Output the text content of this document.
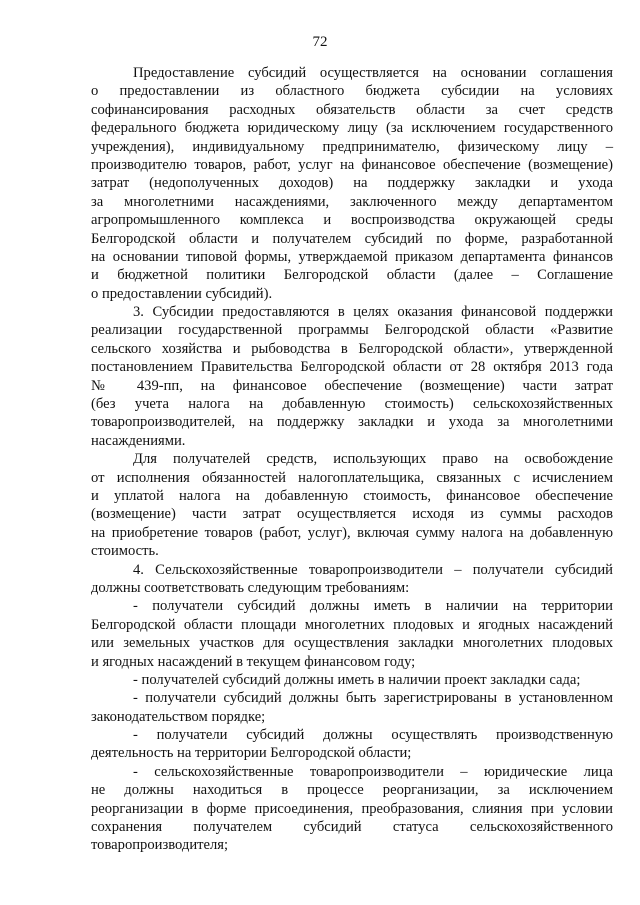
72
Предоставление субсидий осуществляется на основании соглашения
о предоставлении из областного бюджета субсидии на условиях
софинансирования расходных обязательств области за счет средств
федерального бюджета юридическому лицу (за исключением государственного
учреждения), индивидуальному предпринимателю, физическому лицу –
производителю товаров, работ, услуг на финансовое обеспечение (возмещение)
затрат (недополученных доходов) на поддержку закладки и ухода
за многолетними насаждениями, заключенного между департаментом
агропромышленного комплекса и воспроизводства окружающей среды
Белгородской области и получателем субсидий по форме, разработанной
на основании типовой формы, утверждаемой приказом департамента финансов
и бюджетной политики Белгородской области (далее – Соглашение
о предоставлении субсидий).
3. Субсидии предоставляются в целях оказания финансовой поддержки
реализации государственной программы Белгородской области «Развитие
сельского хозяйства и рыбоводства в Белгородской области», утвержденной
постановлением Правительства Белгородской области от 28 октября 2013 года
№ 439-пп, на финансовое обеспечение (возмещение) части затрат
(без учета налога на добавленную стоимость) сельскохозяйственных
товаропроизводителей, на поддержку закладки и ухода за многолетними
насаждениями.
Для получателей средств, использующих право на освобождение
от исполнения обязанностей налогоплательщика, связанных с исчислением
и уплатой налога на добавленную стоимость, финансовое обеспечение
(возмещение) части затрат осуществляется исходя из суммы расходов
на приобретение товаров (работ, услуг), включая сумму налога на добавленную
стоимость.
4. Сельскохозяйственные товаропроизводители – получатели субсидий
должны соответствовать следующим требованиям:
- получатели субсидий должны иметь в наличии на территории
Белгородской области площади многолетних плодовых и ягодных насаждений
или земельных участков для осуществления закладки многолетних плодовых
и ягодных насаждений в текущем финансовом году;
- получателей субсидий должны иметь в наличии проект закладки сада;
- получатели субсидий должны быть зарегистрированы в установленном
законодательством порядке;
- получатели субсидий должны осуществлять производственную
деятельность на территории Белгородской области;
- сельскохозяйственные товаропроизводители – юридические лица
не должны находиться в процессе реорганизации, за исключением
реорганизации в форме присоединения, преобразования, слияния при условии
сохранения получателем субсидий статуса сельскохозяйственного
товаропроизводителя;
